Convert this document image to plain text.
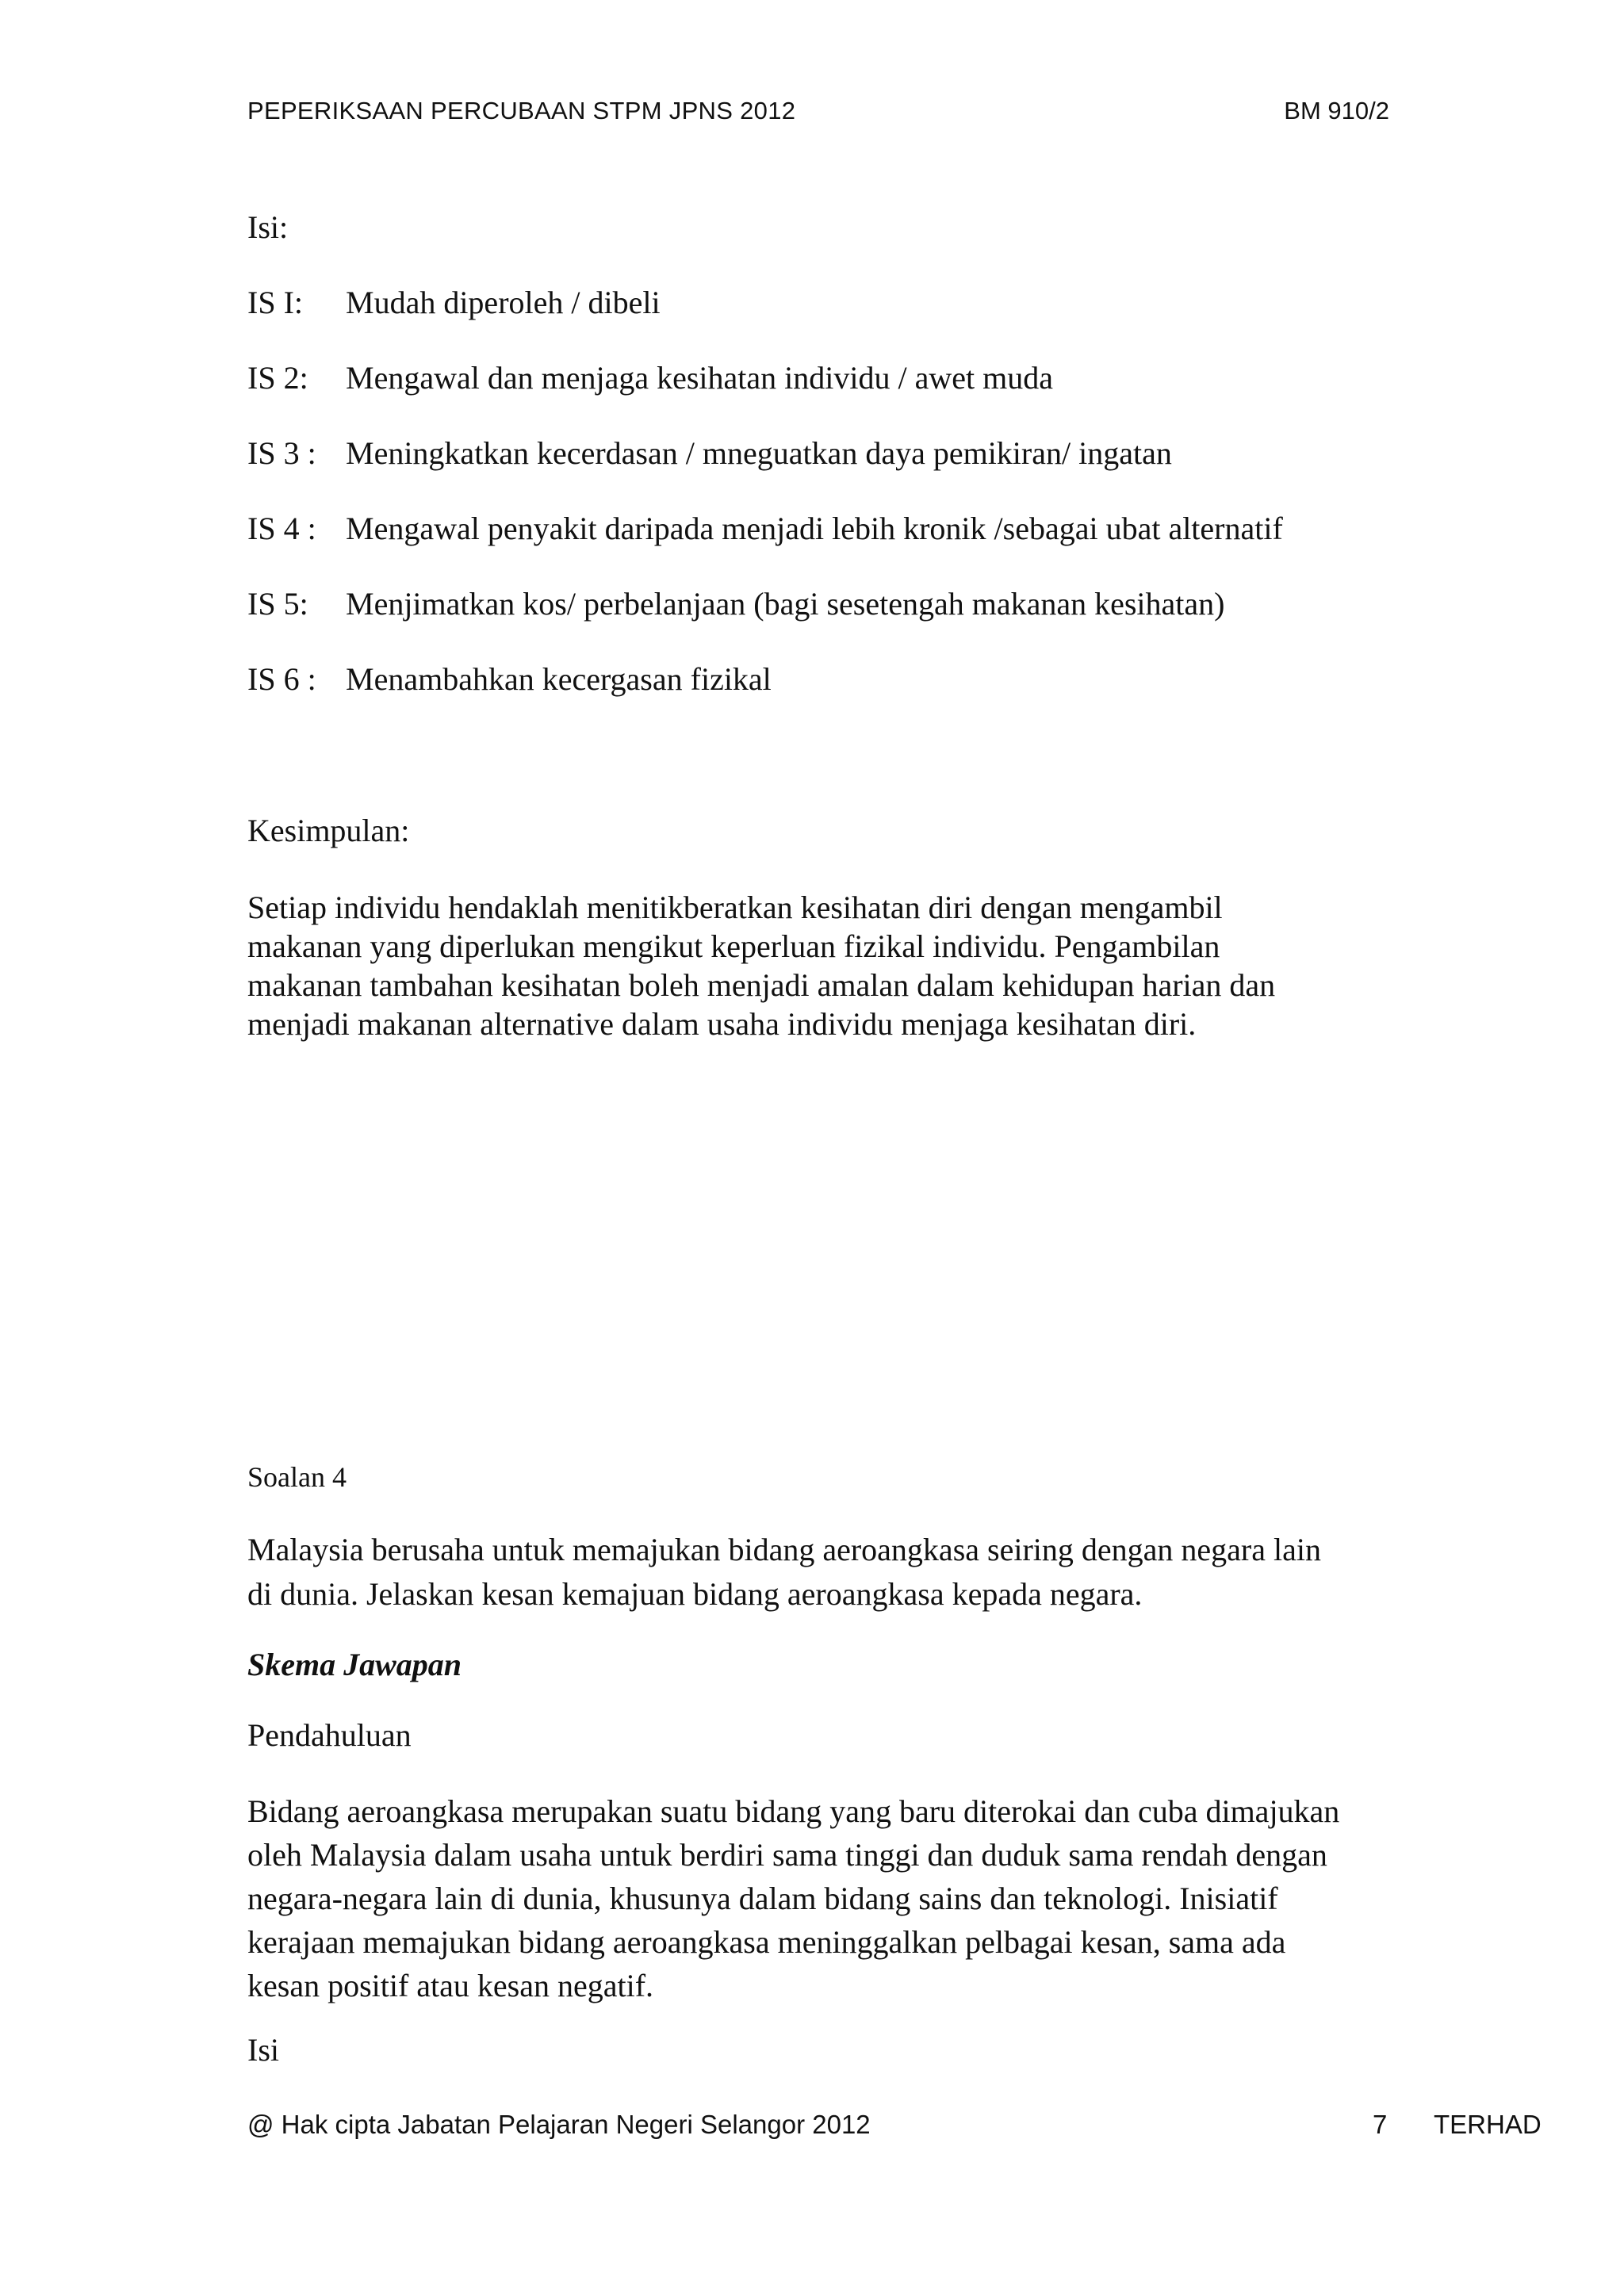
PEPERIKSAAN PERCUBAAN STPM JPNS 2012	BM 910/2
Isi:
IS I: Mudah diperoleh / dibeli
IS 2: Mengawal dan menjaga kesihatan individu / awet muda
IS 3 : Meningkatkan kecerdasan / mneguatkan daya pemikiran/ ingatan
IS 4 : Mengawal penyakit daripada menjadi lebih kronik /sebagai ubat alternatif
IS 5: Menjimatkan kos/ perbelanjaan (bagi sesetengah makanan kesihatan)
IS 6 : Menambahkan kecergasan fizikal
Kesimpulan:

Setiap individu hendaklah menitikberatkan kesihatan diri dengan mengambil

makanan yang diperlukan mengikut keperluan fizikal individu. Pengambilan

makanan tambahan kesihatan boleh menjadi amalan dalam kehidupan harian dan

menjadi makanan alternative dalam usaha individu menjaga kesihatan diri.

Soalan 4

Malaysia berusaha untuk memajukan bidang aeroangkasa seiring dengan negara lain

di dunia. Jelaskan kesan kemajuan bidang aeroangkasa kepada negara.

Skema Jawapan
Pendahuluan

Bidang aeroangkasa merupakan suatu bidang yang baru diterokai dan cuba dimajukan

oleh Malaysia dalam usaha untuk berdiri sama tinggi dan duduk sama rendah dengan

negara-negara lain di dunia, khusunya dalam bidang sains dan teknologi. Inisiatif

kerajaan memajukan bidang aeroangkasa meninggalkan pelbagai kesan, sama ada

kesan positif atau kesan negatif.

Isi
@ Hak cipta Jabatan Pelajaran Negeri Selangor 2012	7 TERHAD
